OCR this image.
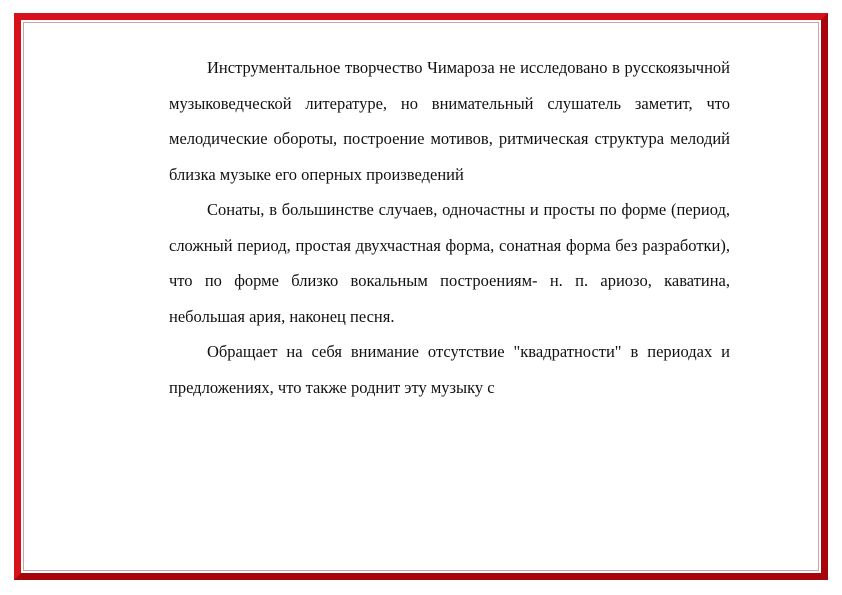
Инструментальное творчество Чимароза не исследовано в русскоязычной музыковедческой литературе, но внимательный слушатель заметит, что мелодические обороты, построение мотивов, ритмическая структура мелодий близка музыке его оперных произведений

Сонаты, в большинстве случаев, одночастны и просты по форме (период, сложный период, простая двухчастная форма, сонатная форма без разработки), что по форме близко вокальным построениям- н. п. ариозо, каватина, небольшая ария, наконец песня.

Обращает на себя внимание отсутствие "квадратности" в периодах и предложениях, что также роднит эту музыку с
